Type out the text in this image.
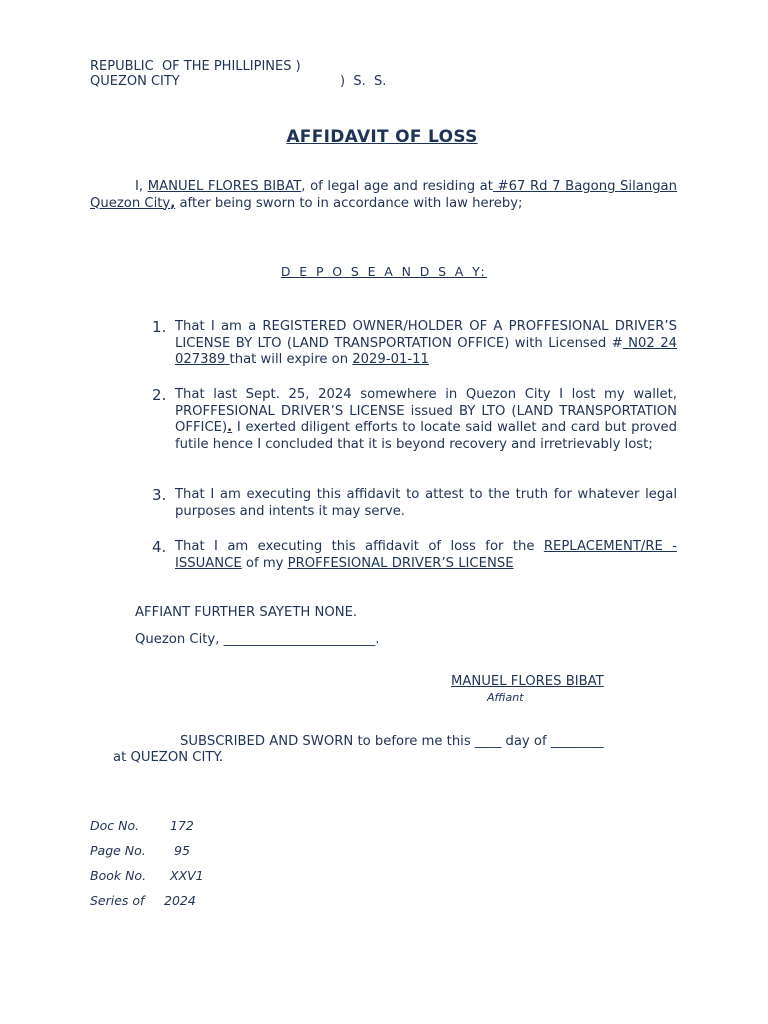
REPUBLIC  OF THE PHILLIPINES )
QUEZON CITY	)  S.  S.
AFFIDAVIT OF LOSS
I, MANUEL FLORES BIBAT, of legal age and residing at #67 Rd 7 Bagong Silangan Quezon City, after being sworn to in accordance with law hereby;
D E P O S E A N D S A Y:
1. That I am a REGISTERED OWNER/HOLDER OF A PROFFESIONAL DRIVER’S LICENSE BY LTO (LAND TRANSPORTATION OFFICE) with Licensed # N02 24 027389 that will expire on 2029-01-11
2. That last Sept. 25, 2024 somewhere in Quezon City I lost my wallet, PROFFESIONAL DRIVER’S LICENSE issued BY LTO (LAND TRANSPORTATION OFFICE). I exerted diligent efforts to locate said wallet and card but proved futile hence I concluded that it is beyond recovery and irretrievably lost;
3. That I am executing this affidavit to attest to the truth for whatever legal purposes and intents it may serve.
4. That I am executing this affidavit of loss for the REPLACEMENT/RE - ISSUANCE of my PROFFESIONAL DRIVER’S LICENSE
AFFIANT FURTHER SAYETH NONE.
Quezon City, _______________________.
MANUEL FLORES BIBAT
Affiant
SUBSCRIBED AND SWORN to before me this ____ day of ________
at QUEZON CITY.
Doc No. 172
Page No. 95
Book No. XXV1
Series of 2024
